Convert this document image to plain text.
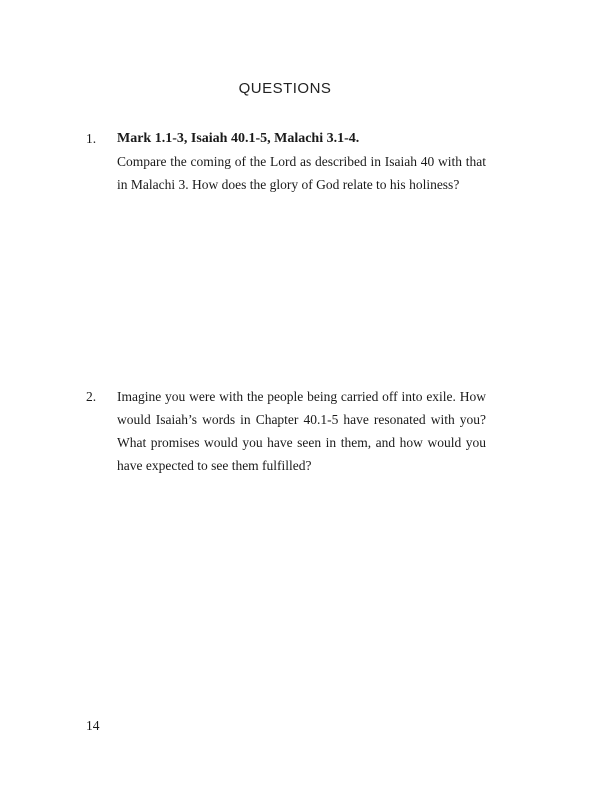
QUESTIONS
1. Mark 1.1-3, Isaiah 40.1-5, Malachi 3.1-4.
Compare the coming of the Lord as described in Isaiah 40 with that in Malachi 3. How does the glory of God relate to his holiness?
2. Imagine you were with the people being carried off into exile. How would Isaiah’s words in Chapter 40.1-5 have resonated with you? What promises would you have seen in them, and how would you have expected to see them fulfilled?
14
